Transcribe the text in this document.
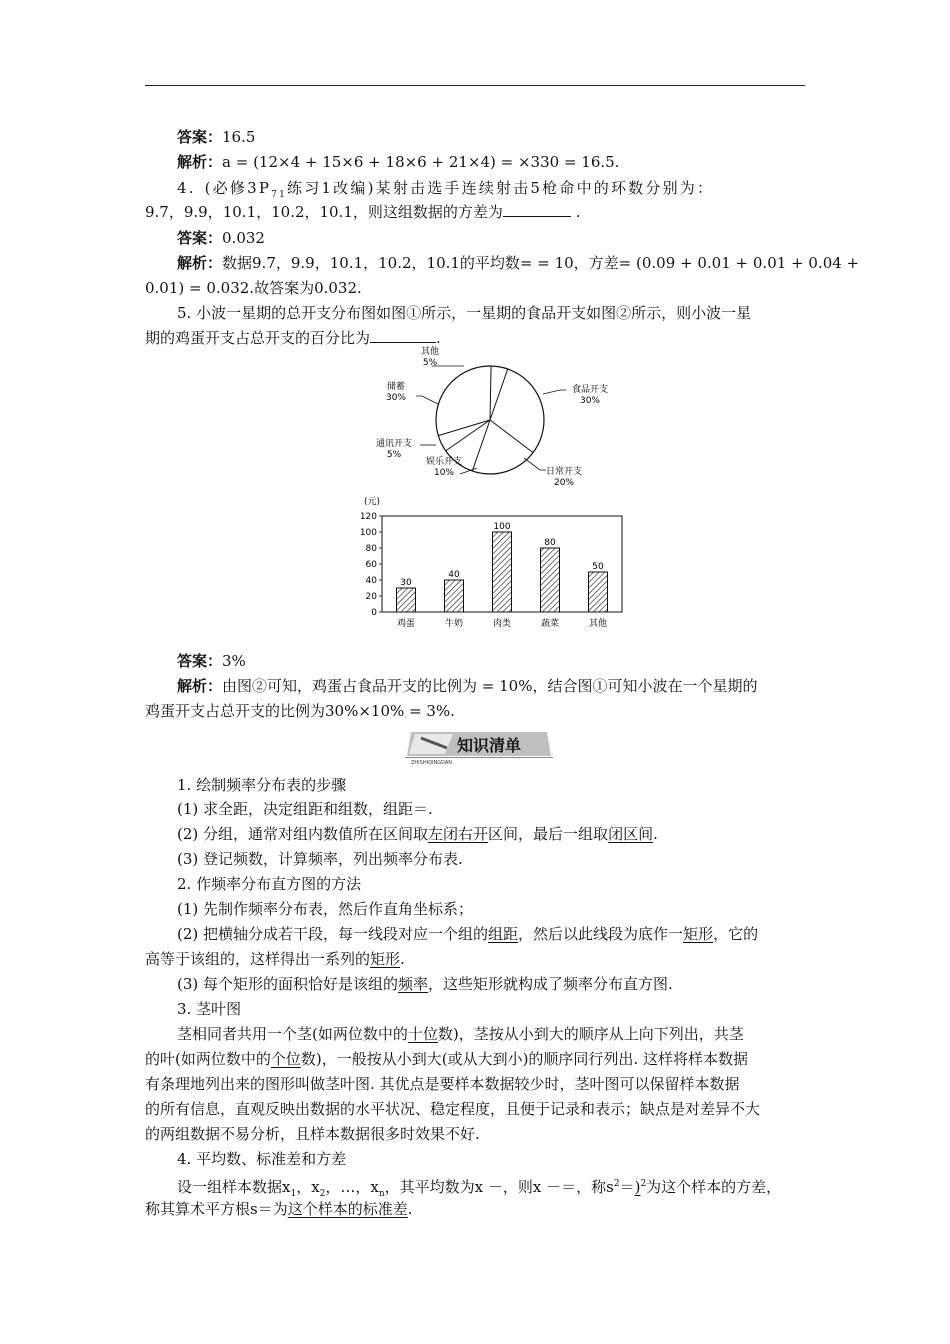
答案：16.5
解析：a = (12×4 + 15×6 + 18×6 + 21×4) = ×330 = 16.5.
4. (必修$3P_{71}$练习1改编)某射击选手连续射击5枪命中的环数分别为：
9.7，9.9，10.1，10.2，10.1，则这组数据的方差为	.
答案：0.032
解析：数据9.7，9.9，10.1，10.2，10.1的平均数= = 10，方差= (0.09 + 0.01 + 0.01 + 0.04 +
0.01) = 0.032.故答案为0.032.
5. 小波一星期的总开支分布图如图①所示，一星期的食品开支如图②所示，则小波一星
期的鸡蛋开支占总开支的百分比为	.
其他
5%
食品开支
30%
日常开支
20%
娱乐开支
10%
通讯开支
5%
储蓄
30%
(元)
0
20
40
60
80
100
120
30
鸡蛋
40
牛奶
100
肉类
80
蔬菜
50
其他
答案：3%
解析：由图②可知，鸡蛋占食品开支的比例为 = 10%，结合图①可知小波在一个星期的
鸡蛋开支占总开支的比例为30%×10% = 3%.
知识清单
ZHISHIQINGDAN
1. 绘制频率分布表的步骤
(1) 求全距，决定组距和组数，组距＝.
(2) 分组，通常对组内数值所在区间取左闭右开区间，最后一组取闭区间.
(3) 登记频数，计算频率，列出频率分布表.
2. 作频率分布直方图的方法
(1) 先制作频率分布表，然后作直角坐标系；
(2) 把横轴分成若干段，每一线段对应一个组的组距，然后以此线段为底作一矩形，它的
高等于该组的，这样得出一系列的矩形.
(3) 每个矩形的面积恰好是该组的频率，这些矩形就构成了频率分布直方图.
3. 茎叶图
茎相同者共用一个茎(如两位数中的十位数)，茎按从小到大的顺序从上向下列出，共茎
的叶(如两位数中的个位数)，一般按从小到大(或从大到小)的顺序同行列出. 这样将样本数据
有条理地列出来的图形叫做茎叶图. 其优点是要样本数据较少时，茎叶图可以保留样本数据
的所有信息，直观反映出数据的水平状况、稳定程度，且便于记录和表示；缺点是对差异不大
的两组数据不易分析，且样本数据很多时效果不好.
4. 平均数、标准差和方差
设一组样本数据$x_1$，$x_2$，…，$x_n$，其平均数为x －，则x －＝，称$s^2=)^2$为这个样本的方差，
称其算术平方根s＝为这个样本的标准差.
